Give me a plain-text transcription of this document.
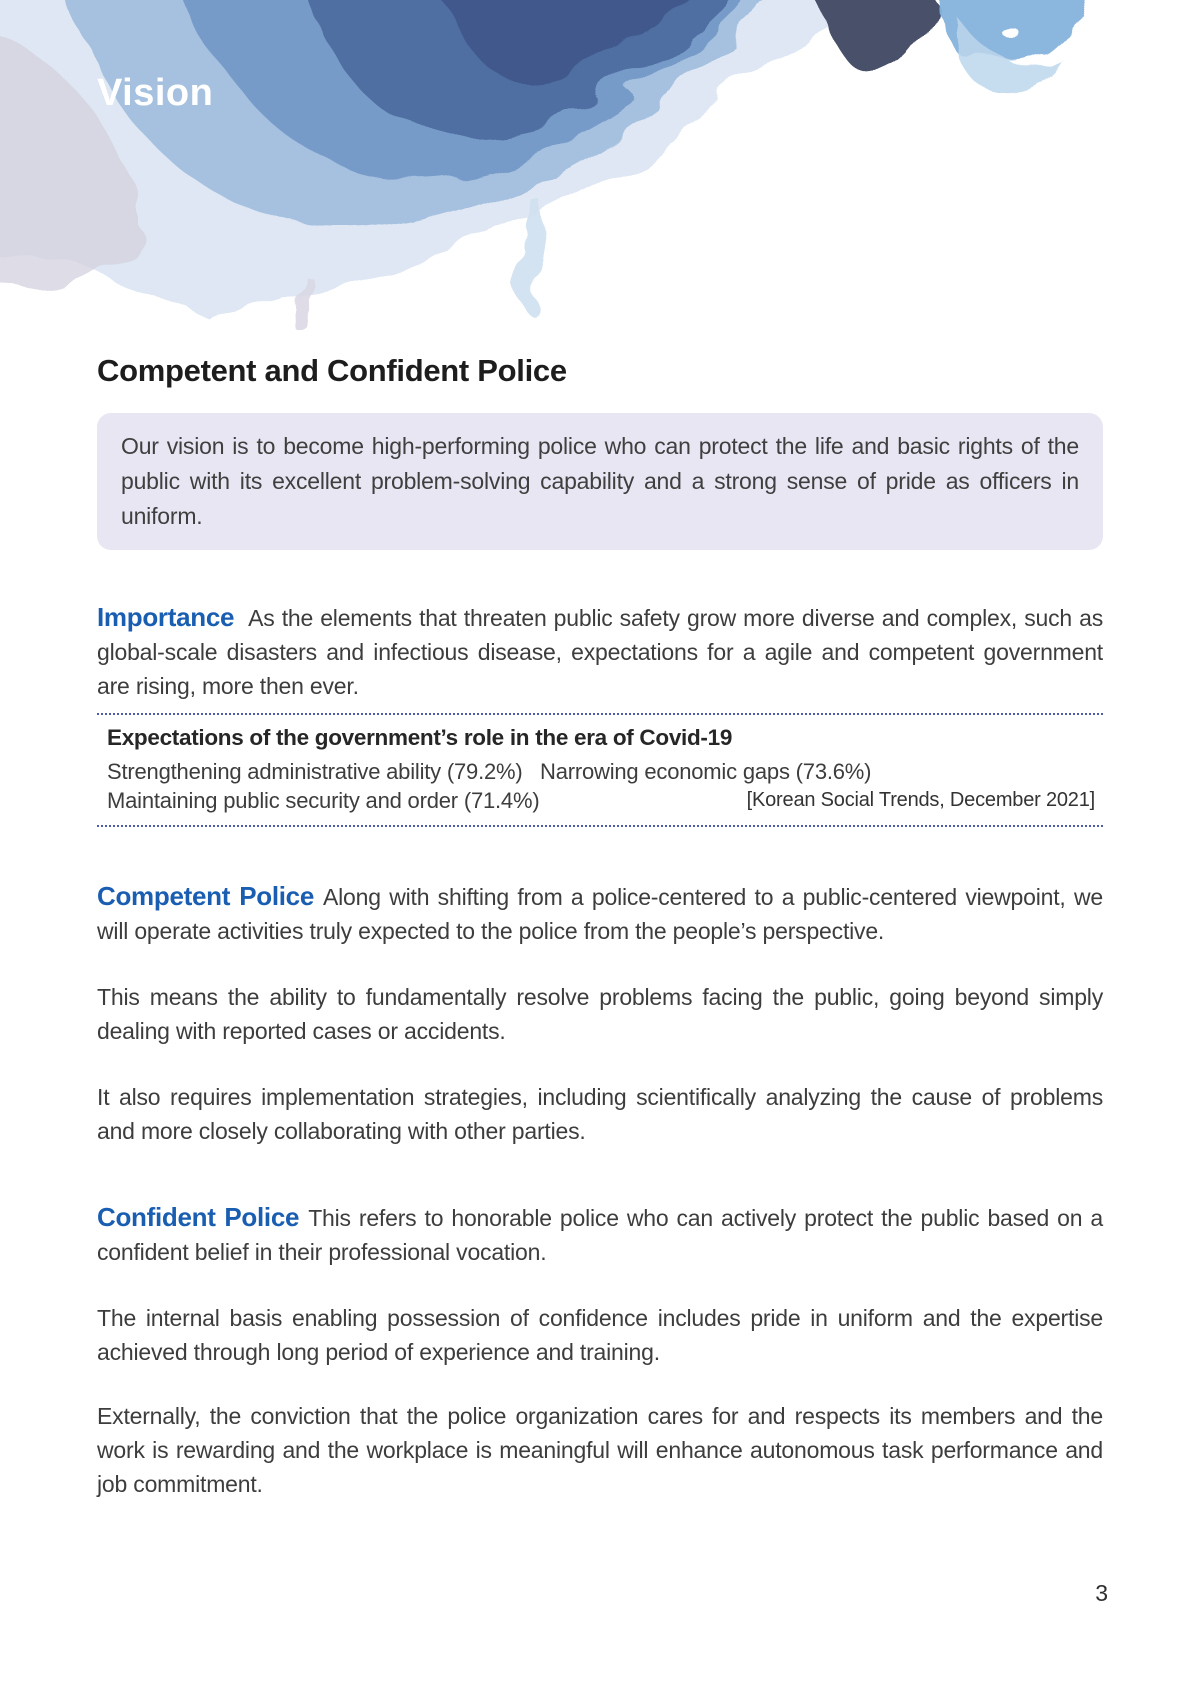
Vision
Competent and Confident Police
Our vision is to become high-performing police who can protect the life and basic rights of the public with its excellent problem-solving capability and a strong sense of pride as officers in uniform.

Importance As the elements that threaten public safety grow more diverse and complex, such as global-scale disasters and infectious disease, expectations for a agile and competent government are rising, more then ever.

Expectations of the government’s role in the era of Covid-19

Strengthening administrative ability (79.2%) Narrowing economic gaps (73.6%)
Maintaining public security and order (71.4%)	[Korean Social Trends, December 2021]

Competent Police Along with shifting from a police-centered to a public-centered viewpoint, we will operate activities truly expected to the police from the people’s perspective.

This means the ability to fundamentally resolve problems facing the public, going beyond simply dealing with reported cases or accidents.

It also requires implementation strategies, including scientifically analyzing the cause of problems and more closely collaborating with other parties.

Confident Police This refers to honorable police who can actively protect the public based on a confident belief in their professional vocation.

The internal basis enabling possession of confidence includes pride in uniform and the expertise achieved through long period of experience and training.

Externally, the conviction that the police organization cares for and respects its members and the work is rewarding and the workplace is meaningful will enhance autonomous task performance and job commitment.

3
